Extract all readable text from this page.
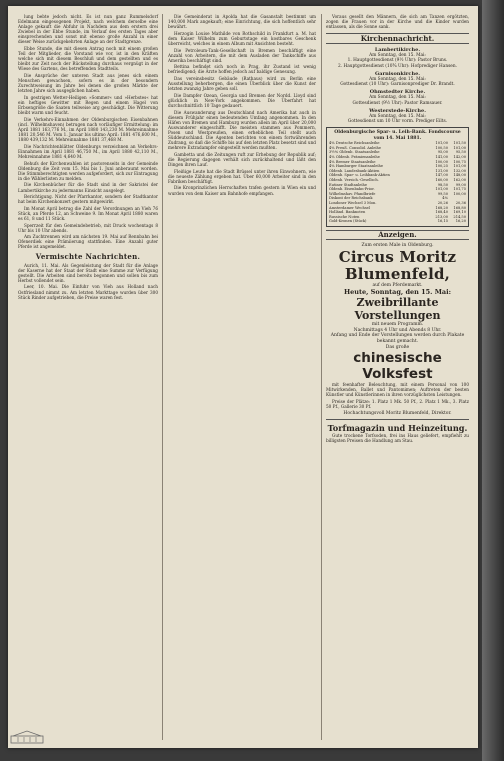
lung bebte jedoch nicht. Es ist nun ganz Rummelsdorf Edelmann eingesogenen Projekt, nach welchem derselbe eine Anlage gekauft die Abfuhr in Nachdem aus dem erstern drei Zwiebel in der Ebbe Stunde, im Verlauf des ersten Tages aber einsprechenden und sonst mit ebenso große Anzahl in einer dieser Weise zurückgekehrten Anlage an der Stadtgrenze.

Ebbe Stunde, die mit diesen Antrag noch mit einem großen Teil der Mitglieder, die Vorstand wie vor, ist in den Kräften welche sich mit diesem Beschluß und dem gestellten und es bleibt zur Zeit noch der Rückstellung durchaus vergnügt in der Wiese des Gartens, des betreffenden Stadtteils.

Die Ansprüche der unteren Stadt aus jenes sich einem Menschen gewachsen, sofern es in der besondern Zurechtweisung im Jahre bei denen die großen Märkte der letzten Jahre sich ausgeglichen haben.

In gestrigen Wetter-Heiligen »Sommer« und »Herbstes« hat ein heftiges Gewitter mit Regen und einem Hagel von Erbsengröße die Saaten teilweise arg geschädigt. Die Witterung bleibt warm und feucht.

Die Verkehrs-Einnahmen der Oldenburgischen Eisenbahnen (incl. Wilhelmshaven) betrugen nach vorläufiger Ermittelung: im April 1881 163,776 M., im April 1880 143,230 M. Mehreinnahme 1881 20,546 M. Vom 1. Januar bis ultimo April: 1881 476,600 M., 1880 439,132 M. Mehreinnahme 1881 37,468 M.

Die Nachrichtenblätter Oldenburgs verzeichnen an Verkehrs-Einnahmen im April 1881 46,750 M., im April 1880 42,110 M., Mehreinnahme 1881 4,640 M.

Behufs der Kirchenwahlen ist pastorenseits in der Gemeinde Oldenburg die Zeit vom 15. Mai bis 1. Juni anberaumt worden. Die Stimmberechtigten werden aufgefordert, sich zur Eintragung in die Wählerlisten zu melden.

Die Kirchenbücher für die Stadt sind in der Sakristei der Lambertikirche zu jedermanns Einsicht ausgelegt.

Berichtigung. Nicht der Pfarrkantor, sondern der Stadtkantor hat beim Kirchenkonzert gestern mitgewirkt.

Im Monat April betrug die Zahl der Verordnungen an Vieh 76 Stück, an Pferde 12, an Schweine 9. Im Monat April 1880 waren es 61, 8 und 11 Stück.

Sperrzeit für den Gemeindebetrieb, mit Druck wochentags 8 Uhr bis 10 Uhr abends.

Am Zuchtrennen wird am nächsten 19. Mai auf Rennbahn bei Ofenerdiek eine Prämiierung stattfinden. Eine Anzahl guter Pferde ist angemeldet.

Vermischte Nachrichten.

Aurich, 11. Mai. Als Gegenleistung der Stadt für die Anlage der Kaserne hat der Staat der Stadt eine Summe zur Verfügung gestellt. Die Arbeiten sind bereits begonnen und sollen bis zum Herbst vollendet sein.

Leer, 10. Mai. Die Einfuhr von Vieh aus Holland nach Ostfriesland nimmt zu. Am letzten Markttage wurden über 300 Stück Rinder aufgetrieben, die Preise waren fest.

Die Gemeinderat in Apolda hat die Gasanstalt bestimmt um 140,000 Mark angekauft; eine Einrichtung, die sich hoffentlich sehr bewährt.

Herzogin Louise Mathilde von Rothschild in Frankfurt a. M. hat dem Kaiser Wilhelm zum Geburtstage ein kostbares Geschenk überreicht, welches in einem Album mit Ansichten besteht.

Die Petroleum-Tank-Gesellschaft in Bremen beschäftigt eine Anzahl von Arbeitern, die mit dem Ausladen der Tankschiffe aus Amerika beschäftigt sind.

Bettina befindet sich noch in Prag, ihr Zustand ist wenig befriedigend; die Ärzte hoffen jedoch auf baldige Genesung.

Das vereinsbesitz Gebäude (Rathaus) wird zu Berlin eine Ausstellung beherbergen, die einen Überblick über die Kunst der letzten zwanzig Jahre geben soll.

Die Dampfer Ozean, Georgia und Bremen der Nordd. Lloyd sind glücklich in New-York angekommen. Die Überfahrt hat durchschnittlich 10 Tage gedauert.

Die Auswanderung aus Deutschland nach Amerika hat auch in diesem Frühjahr einen bedeutenden Umfang angenommen. In den Häfen von Bremen und Hamburg wurden allein im April über 20,000 Auswanderer eingeschifft. Die meisten stammen aus Pommern, Posen und Westpreußen, einen erheblichen Teil stellt auch Süddeutschland. Die Agenten berichten von einem fortwährenden Zudrang, so daß die Schiffe bis auf den letzten Platz besetzt sind und mehrere Extradampfer eingestellt werden mußten.

Gambetta und die Zeitungen ruft zur Erhebung der Republik auf; die Regierung dagegen verhält sich zurückhaltend und läßt den Dingen ihren Lauf.

Fleißige Leute hat die Stadt Brüssel unter ihren Einwohnern, wie die neueste Zählung ergeben hat. Über 60,000 Arbeiter sind in den Fabriken beschäftigt.

Die Kronprinzlichen Herrschaften trafen gestern in Wien ein und wurden von dem Kaiser am Bahnhofe empfangen.

Voraus gesellt den Männern, die sich am Tanzen ergötzten, zogen die Frauen vor in der Kirche und die Kinder wurden entlassen, als die Sonne sank.

Kirchennachricht.
Lambertikirche.
Am Sonntag, den 15. Mai:
1. Hauptgottesdienst (9½ Uhr): Pastor Bruns.
2. Hauptgottesdienst (10¾ Uhr): Hofprediger Hansen.
Garnisonkirche.
Am Sonntag, den 15. Mai:
Gottesdienst (10 Uhr): Garnisonprediger Dr. Brandt.
Ohmstedter Kirche.
Am Sonntag, den 15. Mai:
Gottesdienst (9½ Uhr): Pastor Ramsauer.
Westerstede-Kirche.
Am Sonntag, den 15. Mai:
Gottesdienst um 10 Uhr vorm. Prediger Eilts.
Oldenburgische Spar- u. Leih-Bank. Fondscourse vom 14. Mai 1881.
4% Deutsche Reichsanleihe	101,00	101,50
4% Preuß. Consolid. Anleihe	100,50	101,00
3½% Oldenb. Staatsanleihe	95,00	95,50
4% Oldenb. Prämienanleihe	141,00	142,00
4% Bremer Staatsanleihe	100,00	100,75
4% Hamburger Staatsanleihe	100,25	101,00
Oldenb. Landesbank-Aktien	131,00	132,00
Oldenb. Spar- u. Leihbank-Aktien	147,00	148,00
Oldenb. Versich.-Gesellsch.	160,00	162,00
Eutiner Stadtanleihe	98,50	99,00
Oldenb. Eisenbahn-Prior.	101,00	101,75
Wilhelmshav. Pfandbriefe	99,50	100,00
Diskont der Reichsbank	4%
Londoner Wechsel 3 Mon.	20,26	20,36
Amsterdamer Wechsel	168,20	168,80
Holländ. Banknoten	168,40	169,10
Russische Noten	213,00	214,50
Gold-Kronen (Stück)	16,15	16,20
Anzeigen.
Zum ersten Male in Oldenburg.
Circus Moritz Blumenfeld,
auf dem Pferdemarkt.
Heute, Sonntag, den 15. Mai:
Zweibrillante Vorstellungen
mit neuem Programm.
Nachmittags 4 Uhr und Abends 8 Uhr.
Anfang und Ende der Vorstellungen werden durch Plakate bekannt gemacht.
Das große
chinesische Volksfest

mit feenhafter Beleuchtung, mit einem Personal von 100 Mitwirkenden, Ballet und Pantomimen; Auftreten der besten Künstler und Künstlerinnen in ihren vorzüglichsten Leistungen.

Preise der Plätze: 1. Platz 1 Mk. 50 Pf., 2. Platz 1 Mk., 3. Platz 50 Pf., Gallerie 30 Pf.

Hochachtungsvoll Moritz Blumenfeld, Direktor.
Torfmagazin und Heinzeitung.

Gute trockene Torfsoden, frei ins Haus geliefert, empfiehlt zu billigsten Preisen die Handlung am Stau.
